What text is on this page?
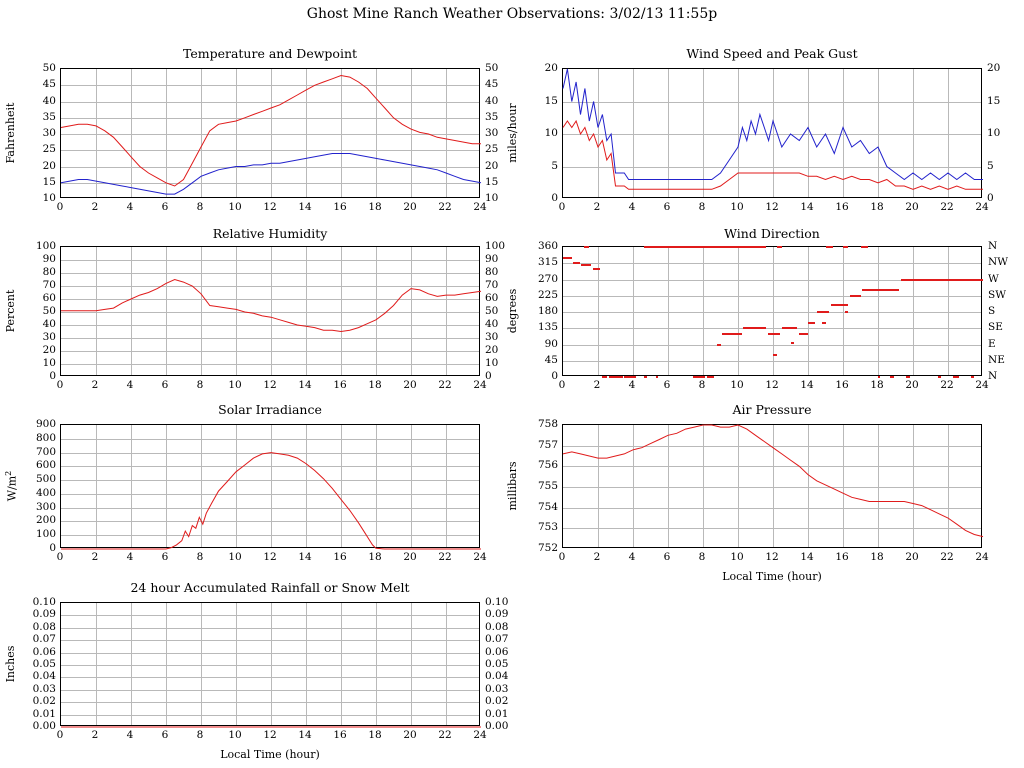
Ghost Mine Ranch Weather Observations: 3/02/13 11:55p
Temperature and Dewpoint
0	2	4	6	8 10 12 14 16 18 20 22 24
10	10
15	15
20	20
25	25
30	30
35	35
40	40
45	45
50	50
Fahrenheit
Wind Speed and Peak Gust
0	2	4	6	8 10 12 14 16 18 20 22 24
0	0
5	5
10	10
15	15
20	20
miles/hour
Relative Humidity
0	2	4	6	8 10 12 14 16 18 20 22 24
0	0
10	10
20	20
30	30
40	40
50	50
60	60
70	70
80	80
90	90
100	100
Percent
Wind Direction
0	2	4	6	8 10 12 14 16 18 20 22 24
0
45
90
135
180
225
270
315
360
N
NE
E
SE
S
SW
W
NW
N
degrees
Solar Irradiance
0	2	4	6	8 10 12 14 16 18 20 22 24
0
100
200
300
400
500
600
700
800
900
$W/m^2$
Air Pressure
0	2	4	6	8 10 12 14 16 18 20 22 24
752
753
754
755
756
757
758
millibars
Local Time (hour)
24 hour Accumulated Rainfall or Snow Melt
0	2	4	6	8 10 12 14 16 18 20 22 24
0.00	0.00
0.01	0.01
0.02	0.02
0.03	0.03
0.04	0.04
0.05	0.05
0.06	0.06
0.07	0.07
0.08	0.08
0.09	0.09
0.10	0.10
Inches
Local Time (hour)
